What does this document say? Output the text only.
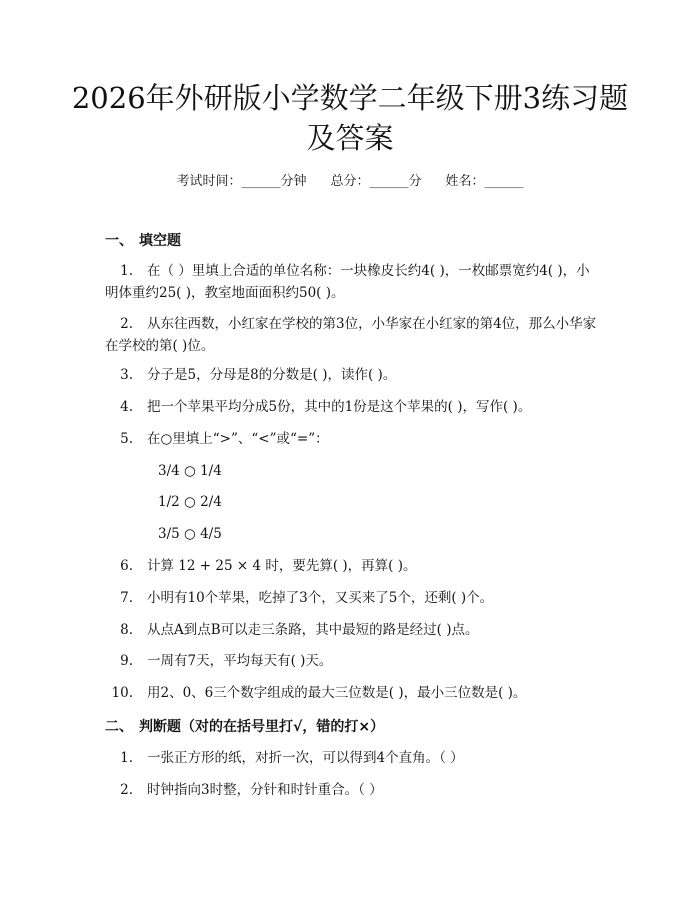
2026年外研版小学数学二年级下册3练习题及答案
考试时间：______分钟 总分：______分 姓名：______
一、 填空题
1. 在（ ）里填上合适的单位名称：一块橡皮长约4( )，一枚邮票宽约4( )，小明体重约25( )，教室地面面积约50( )。
2. 从东往西数，小红家在学校的第3位，小华家在小红家的第4位，那么小华家在学校的第( )位。
3. 分子是5，分母是8的分数是( )，读作( )。
4. 把一个苹果平均分成5份，其中的1份是这个苹果的( )，写作( )。
5. 在○里填上“>”、“<”或“=”：
3/4 ○ 1/4
1/2 ○ 2/4
3/5 ○ 4/5
6. 计算 12 + 25 × 4 时，要先算( )，再算( )。
7. 小明有10个苹果，吃掉了3个，又买来了5个，还剩( )个。
8. 从点A到点B可以走三条路，其中最短的路是经过( )点。
9. 一周有7天，平均每天有( )天。
10. 用2、0、6三个数字组成的最大三位数是( )，最小三位数是( )。
二、 判断题（对的在括号里打√，错的打×）
1. 一张正方形的纸，对折一次，可以得到4个直角。（ ）
2. 时钟指向3时整，分针和时针重合。（ ）
